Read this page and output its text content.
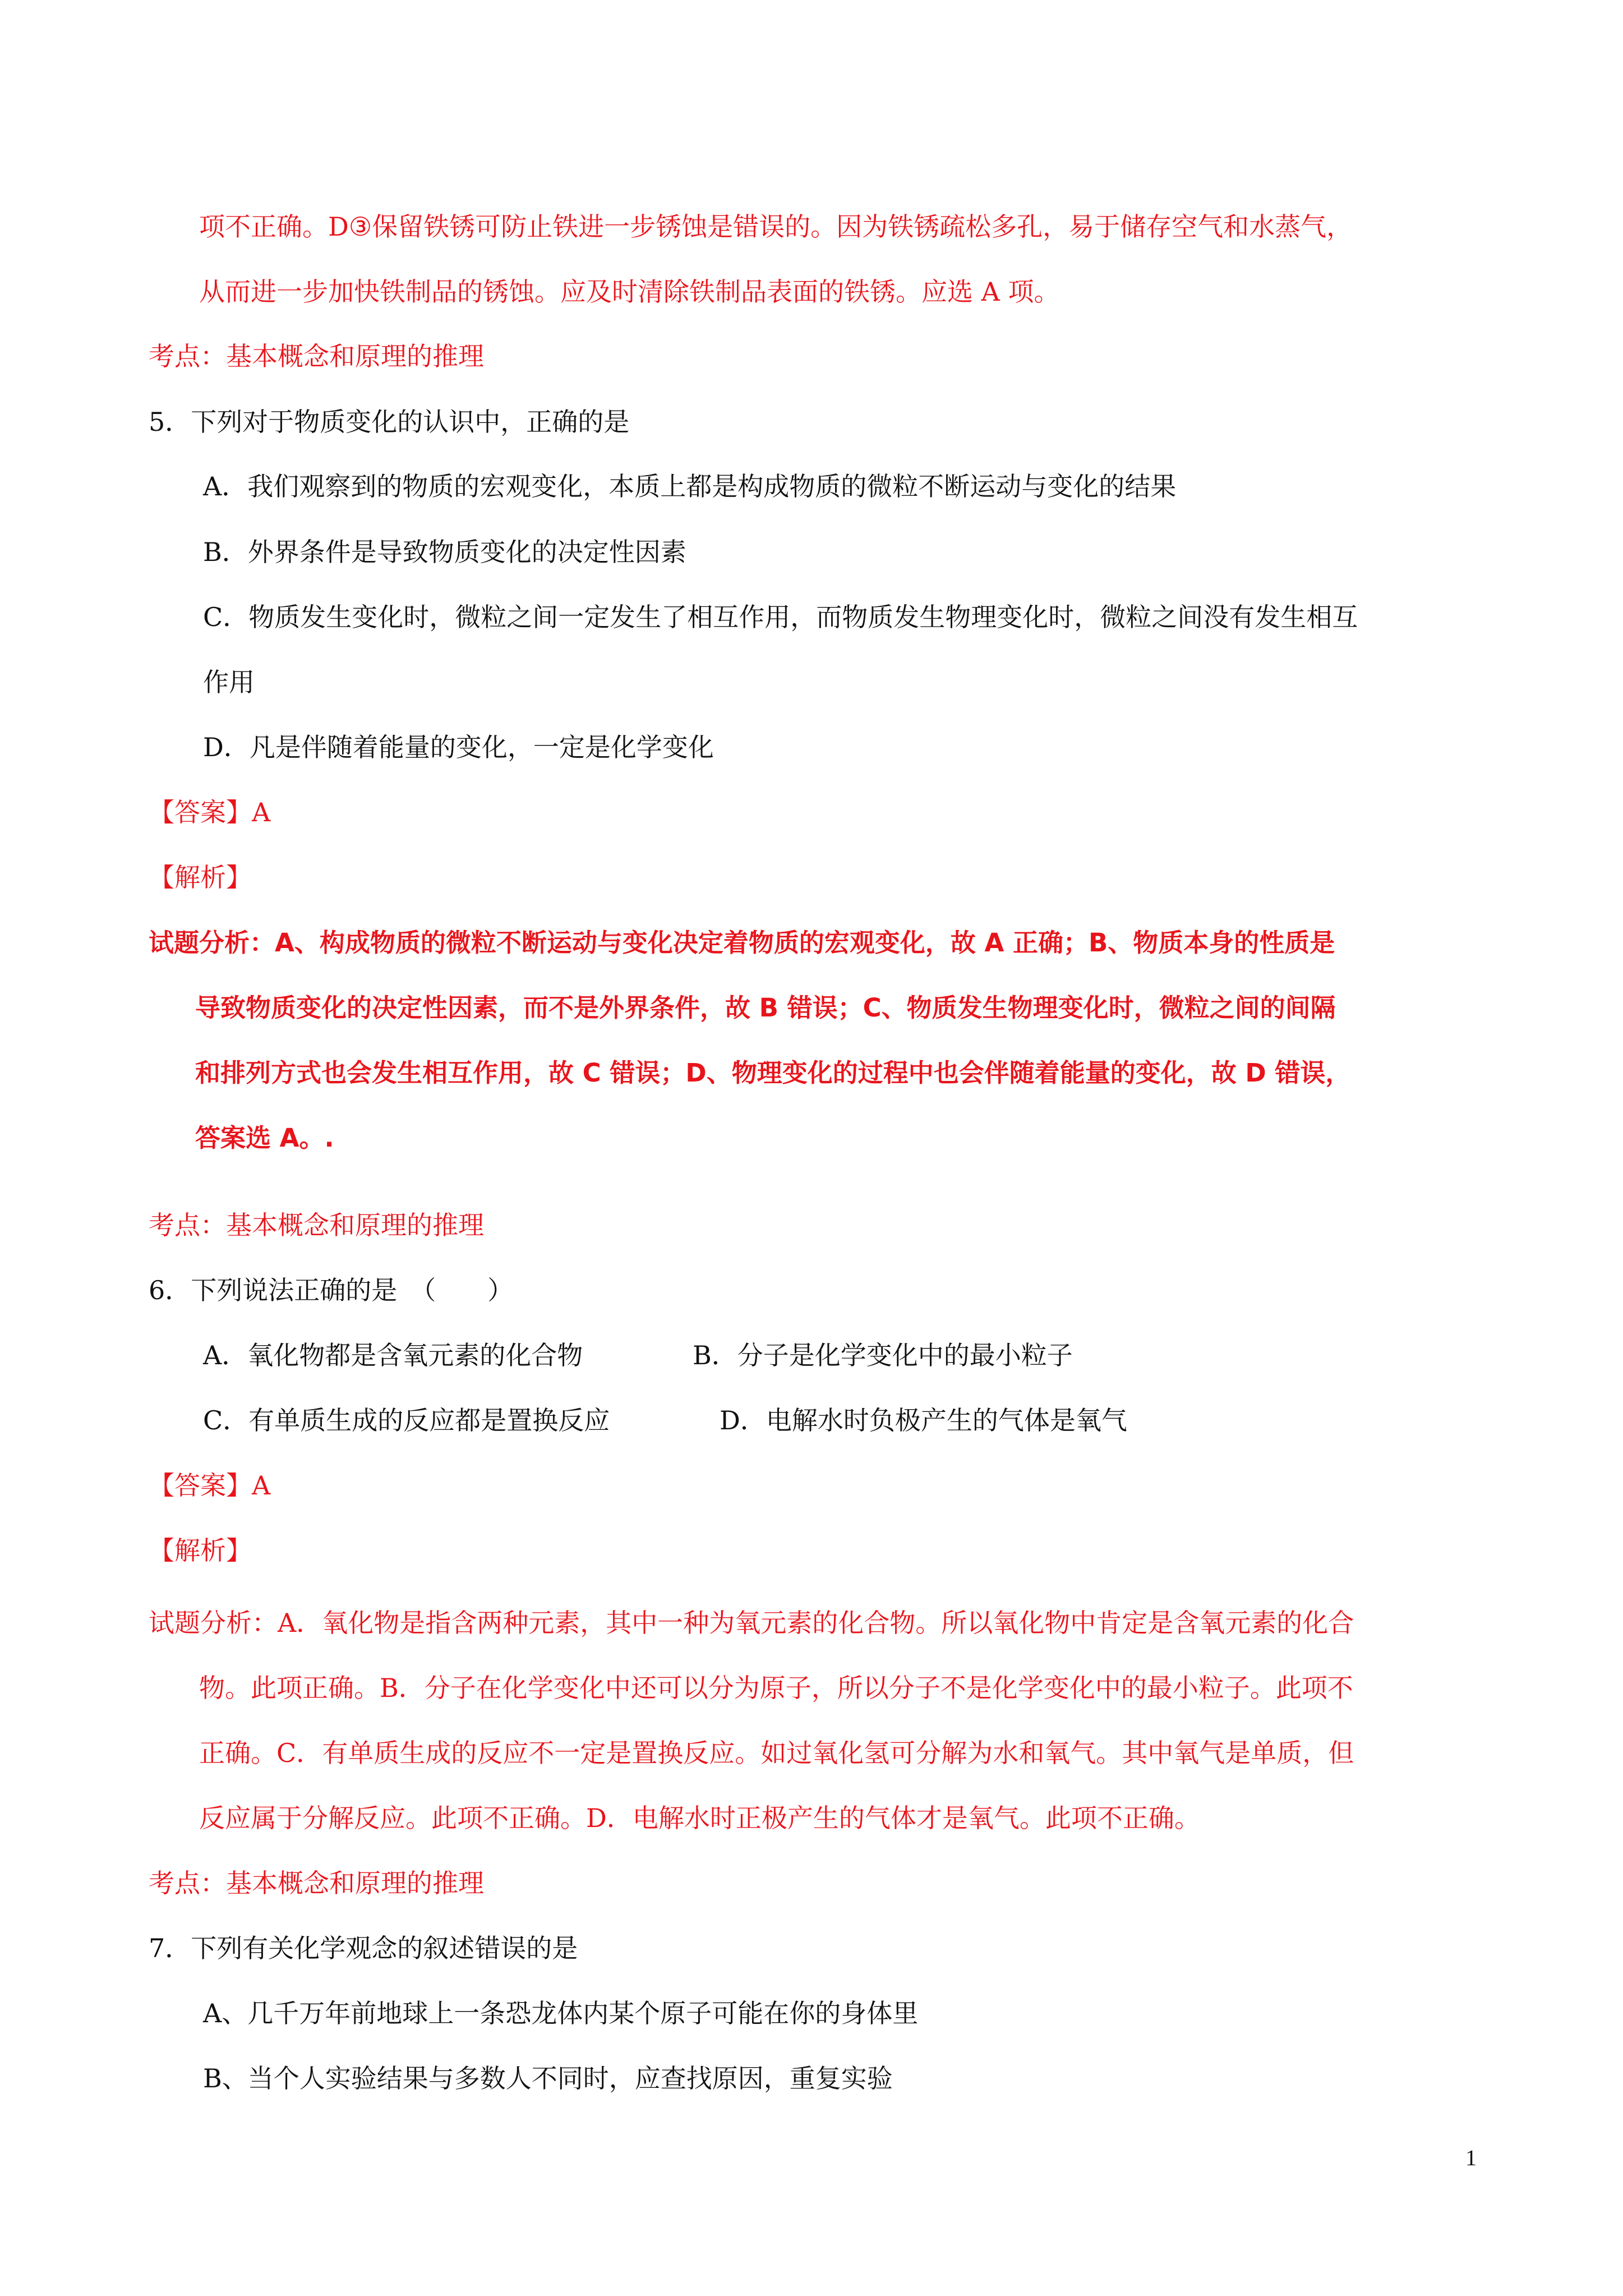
项不正确。D③保留铁锈可防止铁进一步锈蚀是错误的。因为铁锈疏松多孔，易于储存空气和水蒸气，
从而进一步加快铁制品的锈蚀。应及时清除铁制品表面的铁锈。应选 A 项。
考点：基本概念和原理的推理
5．下列对于物质变化的认识中，正确的是
A．我们观察到的物质的宏观变化，本质上都是构成物质的微粒不断运动与变化的结果
B．外界条件是导致物质变化的决定性因素
C．物质发生变化时，微粒之间一定发生了相互作用，而物质发生物理变化时，微粒之间没有发生相互
作用
D．凡是伴随着能量的变化，一定是化学变化
【答案】A
【解析】
试题分析：A、构成物质的微粒不断运动与变化决定着物质的宏观变化，故 A 正确；B、物质本身的性质是
导致物质变化的决定性因素，而不是外界条件，故 B 错误；C、物质发生物理变化时，微粒之间的间隔
和排列方式也会发生相互作用，故 C 错误；D、物理变化的过程中也会伴随着能量的变化，故 D 错误，
答案选 A。.
考点：基本概念和原理的推理
6．下列说法正确的是　（　　）
A．氧化物都是含氧元素的化合物	B．分子是化学变化中的最小粒子
C．有单质生成的反应都是置换反应	D．电解水时负极产生的气体是氧气
【答案】A
【解析】
试题分析：A．氧化物是指含两种元素，其中一种为氧元素的化合物。所以氧化物中肯定是含氧元素的化合
物。此项正确。B．分子在化学变化中还可以分为原子，所以分子不是化学变化中的最小粒子。此项不
正确。C．有单质生成的反应不一定是置换反应。如过氧化氢可分解为水和氧气。其中氧气是单质，但
反应属于分解反应。此项不正确。D．电解水时正极产生的气体才是氧气。此项不正确。
考点：基本概念和原理的推理
7．下列有关化学观念的叙述错误的是
A、几千万年前地球上一条恐龙体内某个原子可能在你的身体里
B、当个人实验结果与多数人不同时，应查找原因，重复实验
1
